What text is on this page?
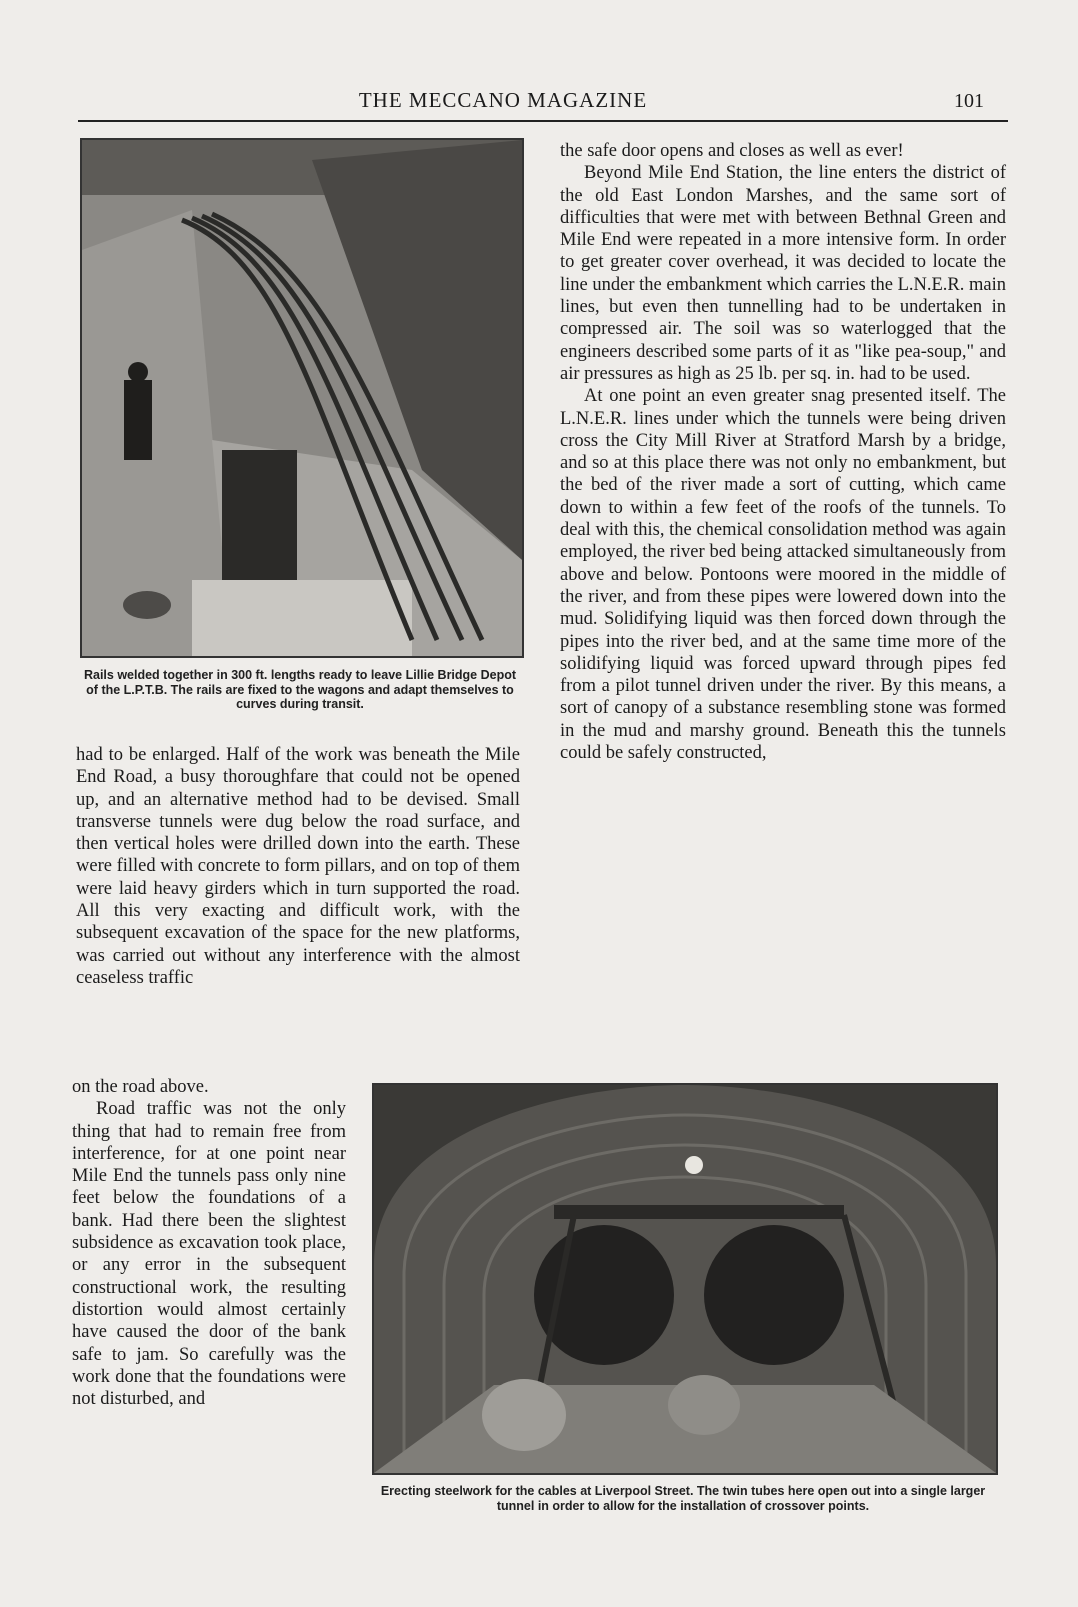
THE MECCANO MAGAZINE	101
Rails welded together in 300 ft. lengths ready to leave Lillie Bridge Depot of the L.P.T.B. The rails are fixed to the wagons and adapt themselves to curves during transit.

had to be enlarged. Half of the work was beneath the Mile End Road, a busy thoroughfare that could not be opened up, and an alternative method had to be devised. Small transverse tunnels were dug below the road surface, and then vertical holes were drilled down into the earth. These were filled with concrete to form pillars, and on top of them were laid heavy girders which in turn supported the road. All this very exacting and difficult work, with the subsequent excavation of the space for the new platforms, was carried out without any interference with the almost ceaseless traffic

on the road above.

Road traffic was not the only thing that had to remain free from interference, for at one point near Mile End the tunnels pass only nine feet below the foundations of a bank. Had there been the slightest subsidence as excavation took place, or any error in the subsequent constructional work, the resulting distortion would almost certainly have caused the door of the bank safe to jam. So carefully was the work done that the foundations were not disturbed, and

the safe door opens and closes as well as ever!

Beyond Mile End Station, the line enters the district of the old East London Marshes, and the same sort of difficulties that were met with between Bethnal Green and Mile End were repeated in a more intensive form. In order to get greater cover overhead, it was decided to locate the line under the embankment which carries the L.N.E.R. main lines, but even then tunnelling had to be undertaken in compressed air. The soil was so waterlogged that the engineers described some parts of it as "like pea-soup," and air pressures as high as 25 lb. per sq. in. had to be used.

At one point an even greater snag presented itself. The L.N.E.R. lines under which the tunnels were being driven cross the City Mill River at Stratford Marsh by a bridge, and so at this place there was not only no embankment, but the bed of the river made a sort of cutting, which came down to within a few feet of the roofs of the tunnels. To deal with this, the chemical consolidation method was again employed, the river bed being attacked simultaneously from above and below. Pontoons were moored in the middle of the river, and from these pipes were lowered down into the mud. Solidifying liquid was then forced down through the pipes into the river bed, and at the same time more of the solidifying liquid was forced upward through pipes fed from a pilot tunnel driven under the river. By this means, a sort of canopy of a substance resembling stone was formed in the mud and marshy ground. Beneath this the tunnels could be safely constructed,

Erecting steelwork for the cables at Liverpool Street. The twin tubes here open out into a single larger tunnel in order to allow for the installation of crossover points.
